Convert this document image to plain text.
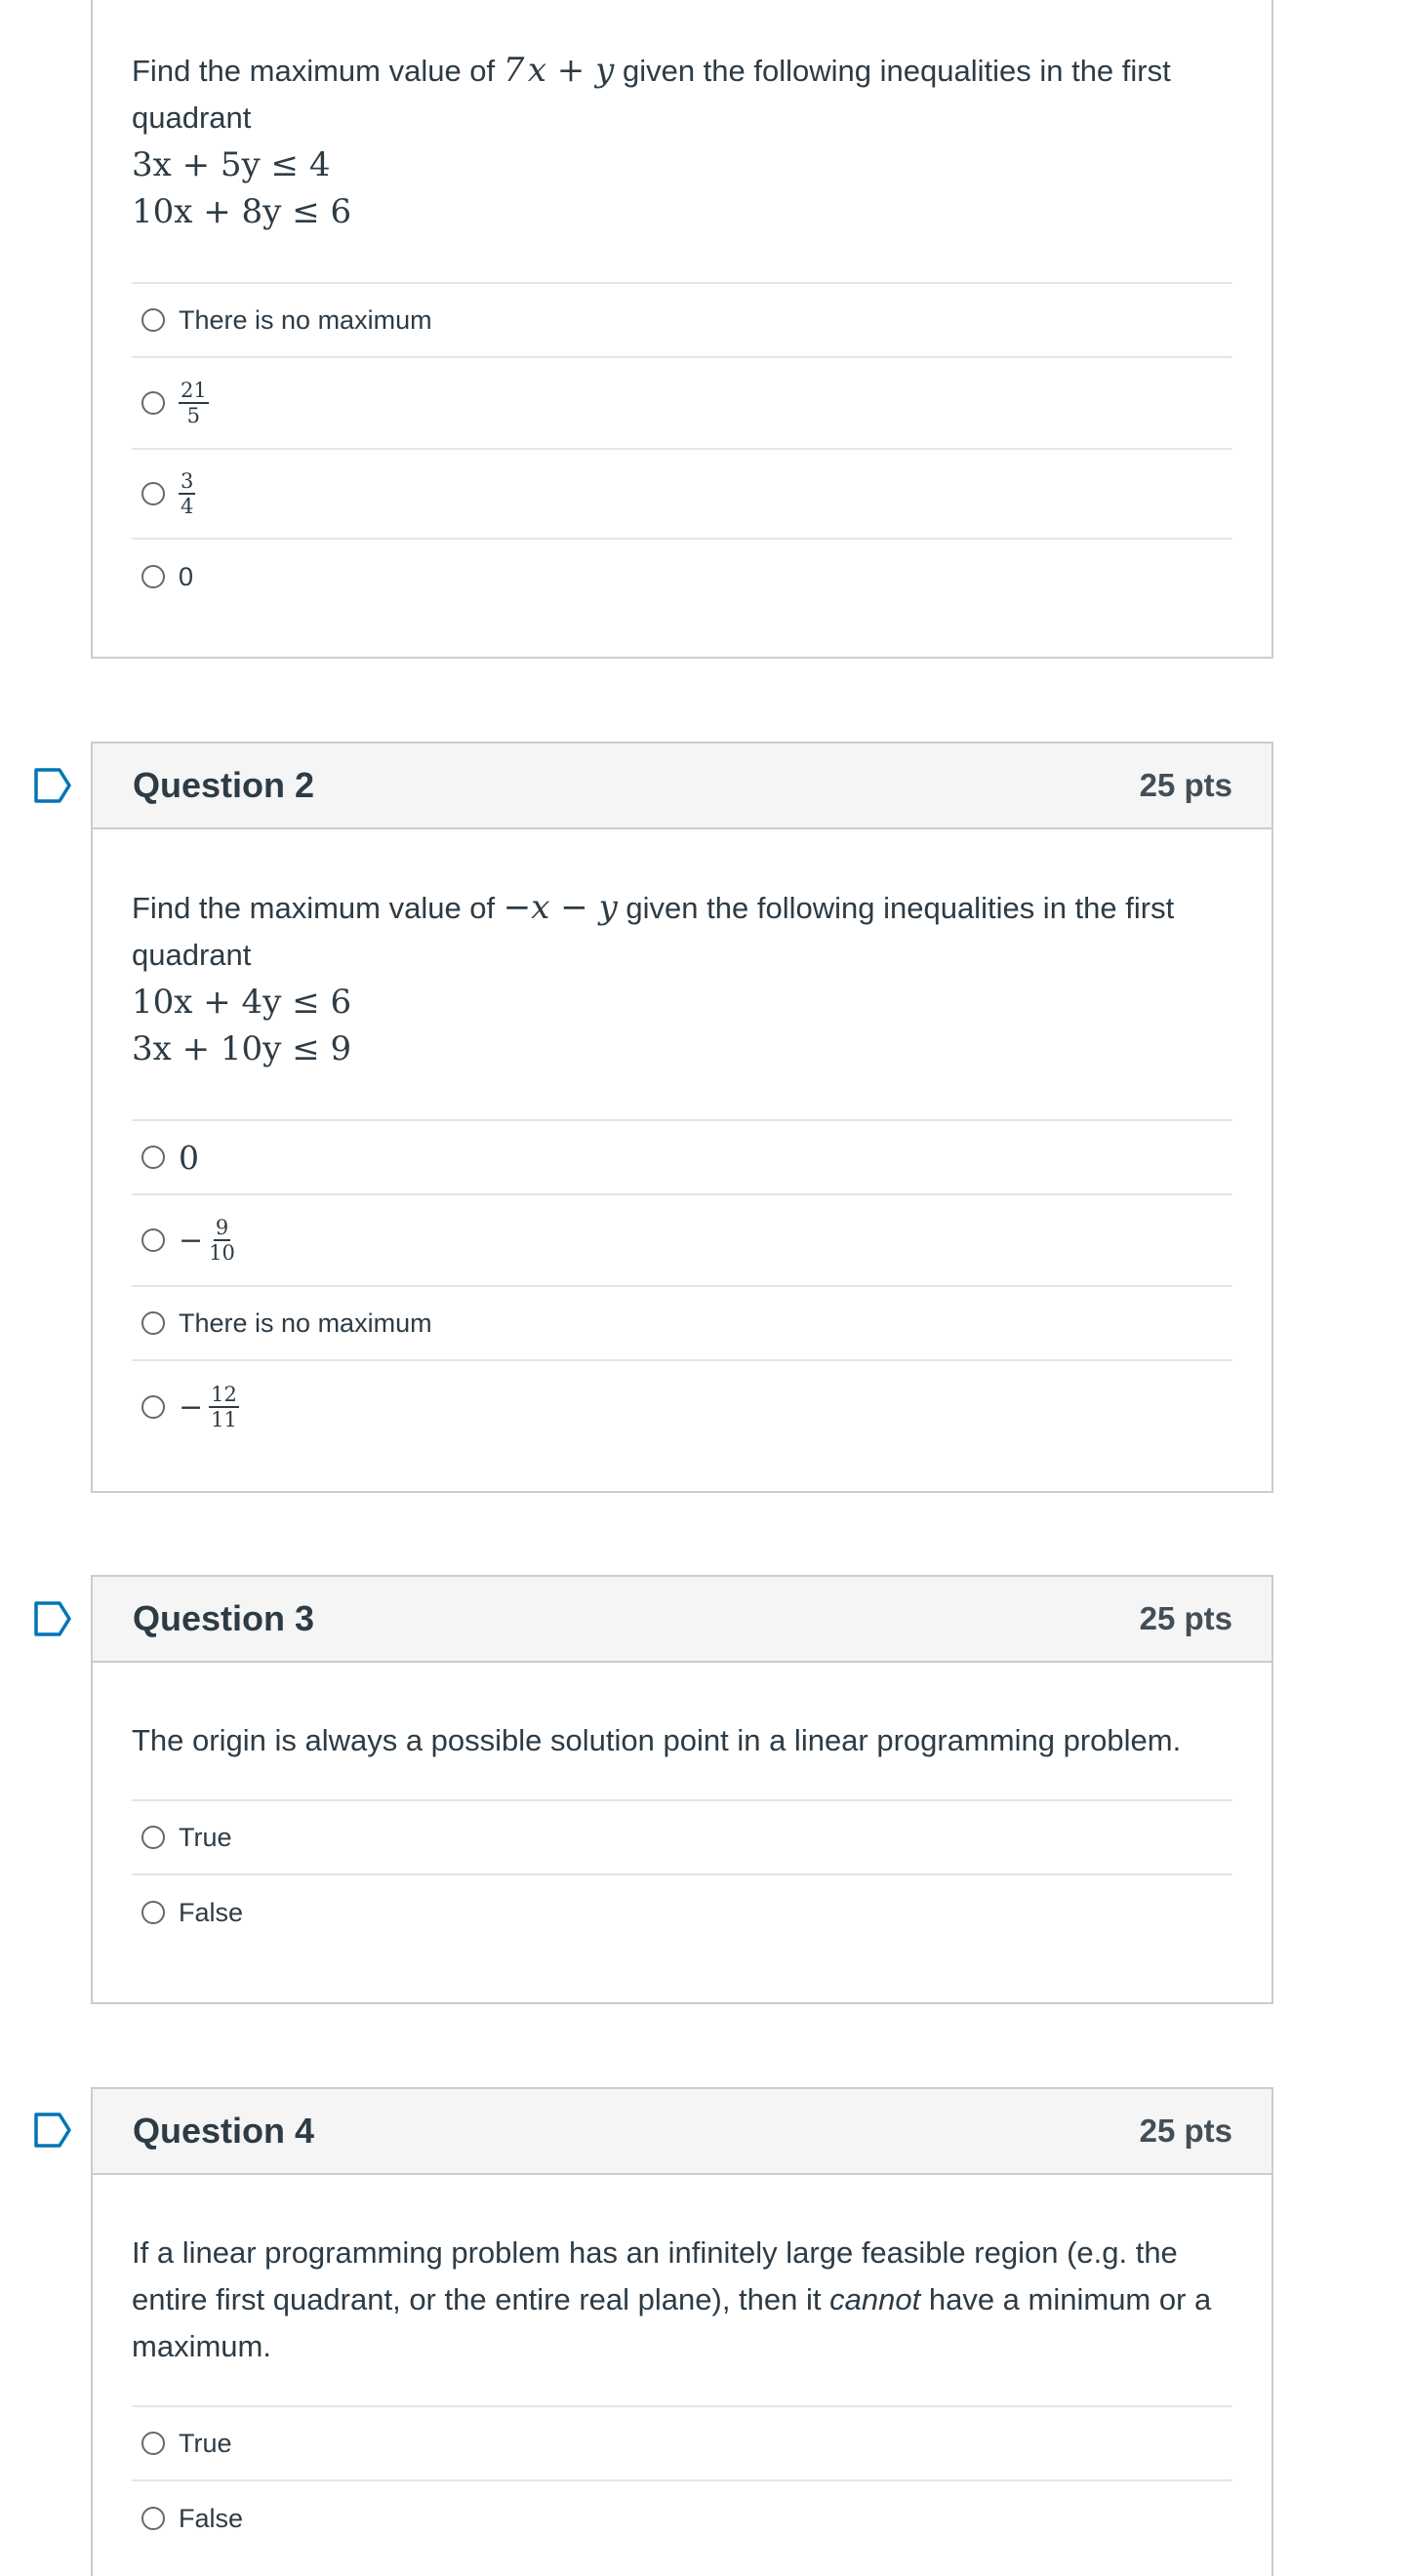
Find the maximum value of 7 x + y given the following inequalities in the first quadrant
3x + 5y ≤ 4
10x + 8y ≤ 6
There is no maximum
$\frac{21}{5}$
$\frac{3}{4}$
0
Question 2	25 pts
Find the maximum value of −x − y given the following inequalities in the first quadrant
10x + 4y ≤ 6
3x + 10y ≤ 9
0
− $\frac{9}{10}$
There is no maximum
− $\frac{12}{11}$
Question 3	25 pts
The origin is always a possible solution point in a linear programming problem.
True
False
Question 4	25 pts
If a linear programming problem has an infinitely large feasible region (e.g. the entire first quadrant, or the entire real plane), then it cannot have a minimum or a maximum.
True
False
